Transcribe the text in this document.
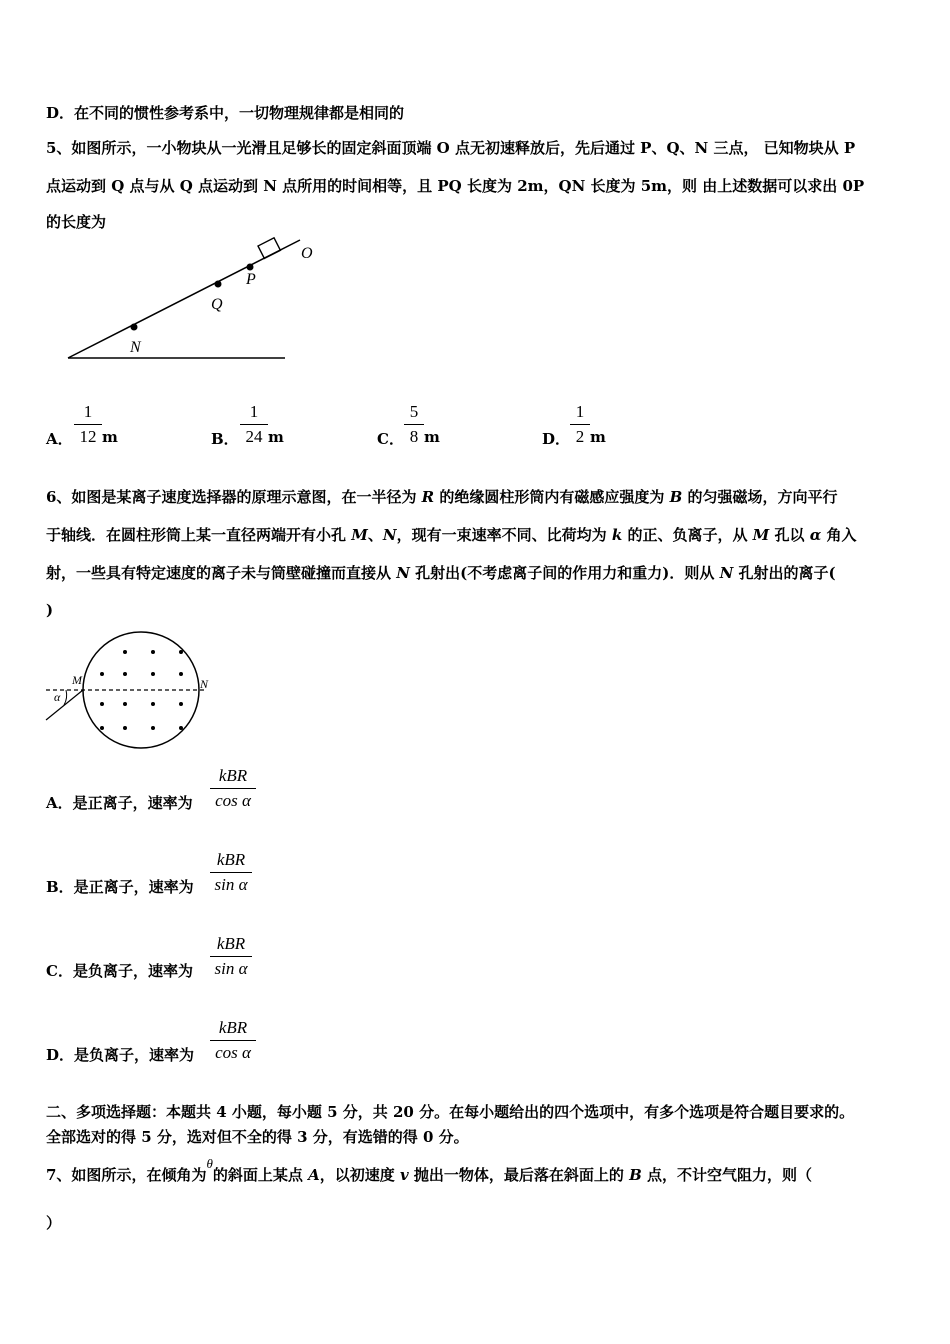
D．在不同的惯性参考系中，一切物理规律都是相同的
5、如图所示，一小物块从一光滑且足够长的固定斜面顶端 O 点无初速释放后，先后通过 P、Q、N 三点， 已知物块从 P
点运动到 Q 点与从 Q 点运动到 N 点所用的时间相等，且 PQ 长度为 2m，QN 长度为 5m，则 由上述数据可以求出 0P
的长度为
O
P
Q
N
A．
1
12 m	B．
1
24 m	C．
5
8 m	D．
1
2 m
6、如图是某离子速度选择器的原理示意图，在一半径为 R 的绝缘圆柱形筒内有磁感应强度为 B 的匀强磁场，方向平行
于轴线．在圆柱形筒上某一直径两端开有小孔 M、N，现有一束速率不同、比荷均为 k 的正、负离子，从 M 孔以 α 角入
射，一些具有特定速度的离子未与筒壁碰撞而直接从 N 孔射出(不考虑离子间的作用力和重力)．则从 N 孔射出的离子(
)
M	N
α
A．是正离子，速率为
kBR
cos α
B．是正离子，速率为
kBR
sin α
C．是负离子，速率为
kBR
sin α
D．是负离子，速率为
kBR
cos α
二、多项选择题：本题共 4 小题，每小题 5 分，共 20 分。在每小题给出的四个选项中，有多个选项是符合题目要求的。
全部选对的得 5 分，选对但不全的得 3 分，有选错的得 0 分。
7、如图所示，在倾角为θ的斜面上某点 A，以初速度 v 抛出一物体，最后落在斜面上的 B 点，不计空气阻力，则（
）
